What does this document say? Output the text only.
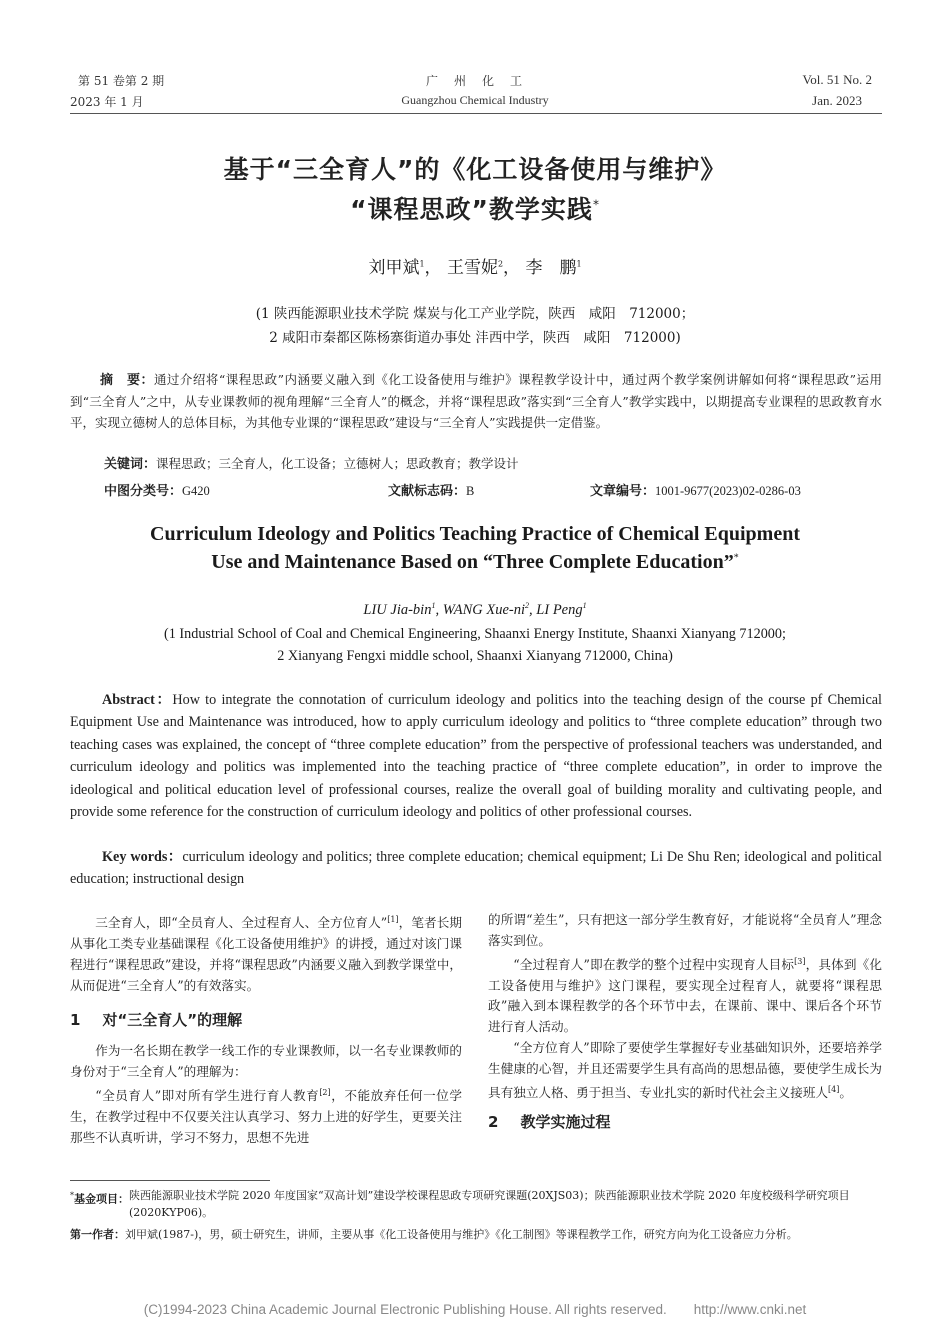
第 51 卷第 2 期
2023 年 1 月
广　州　化　工
Guangzhou Chemical Industry
Vol. 51 No. 2
Jan. 2023
基于“三全育人”的《化工设备使用与维护》
“课程思政”教学实践*
刘甲斌$^1$， 王雪妮$^2$， 李　鹏$^1$
(1 陕西能源职业技术学院 煤炭与化工产业学院，陕西　咸阳　712000；
2 咸阳市秦都区陈杨寨街道办事处 沣西中学，陕西　咸阳　712000)
摘　要：通过介绍将“课程思政”内涵要义融入到《化工设备使用与维护》课程教学设计中，通过两个教学案例讲解如何将“课程思政”运用到“三全育人”之中，从专业课教师的视角理解“三全育人”的概念，并将“课程思政”落实到“三全育人”教学实践中，以期提高专业课程的思政教育水平，实现立德树人的总体目标，为其他专业课的“课程思政”建设与“三全育人”实践提供一定借鉴。
关键词：课程思政；三全育人，化工设备；立德树人；思政教育；教学设计
中图分类号：G420	文献标志码：B	文章编号：1001-9677(2023)02-0286-03
Curriculum Ideology and Politics Teaching Practice of Chemical Equipment
Use and Maintenance Based on “Three Complete Education”*
LIU Jia-bin$^1$, WANG Xue-$ni^2$, LI Peng$^1$
(1 Industrial School of Coal and Chemical Engineering, Shaanxi Energy Institute, Shaanxi Xianyang 712000;
2 Xianyang Fengxi middle school, Shaanxi Xianyang 712000, China)
Abstract：How to integrate the connotation of curriculum ideology and politics into the teaching design of the course pf Chemical Equipment Use and Maintenance was introduced, how to apply curriculum ideology and politics to “three complete education” through two teaching cases was explained, the concept of “three complete education” from the perspective of professional teachers was understanded, and curriculum ideology and politics was implemented into the teaching practice of “three complete education”, in order to improve the ideological and political education level of professional courses, realize the overall goal of building morality and cultivating people, and provide some reference for the construction of curriculum ideology and politics of other professional courses.
Key words：curriculum ideology and politics; three complete education; chemical equipment; Li De Shu Ren; ideological and political education; instructional design

三全育人，即“全员育人、全过程育人、全方位育人”[1]，笔者长期从事化工类专业基础课程《化工设备使用维护》的讲授，通过对该门课程进行“课程思政”建设，并将“课程思政”内涵要义融入到教学课堂中，从而促进“三全育人”的有效落实。

1 对“三全育人”的理解

作为一名长期在教学一线工作的专业课教师，以一名专业课教师的身份对于“三全育人”的理解为：

“全员育人”即对所有学生进行育人教育[2]，不能放弃任何一位学生，在教学过程中不仅要关注认真学习、努力上进的好学生，更要关注那些不认真听讲，学习不努力，思想不先进

的所谓“差生”，只有把这一部分学生教育好，才能说将“全员育人”理念落实到位。

“全过程育人”即在教学的整个过程中实现育人目标[3]，具体到《化工设备使用与维护》这门课程，要实现全过程育人，就要将“课程思政”融入到本课程教学的各个环节中去，在课前、课中、课后各个环节进行育人活动。

“全方位育人”即除了要使学生掌握好专业基础知识外，还要培养学生健康的心智，并且还需要学生具有高尚的思想品德，要使学生成长为具有独立人格、勇于担当、专业扎实的新时代社会主义接班人[4]。

2 教学实施过程
*基金项目： 陕西能源职业技术学院 2020 年度国家“双高计划”建设学校课程思政专项研究课题(20XJS03)；陕西能源职业技术学院 2020 年度校级科学研究项目(2020KYP06)。
第一作者：刘甲斌(1987-)，男，硕士研究生，讲师，主要从事《化工设备使用与维护》《化工制图》等课程教学工作，研究方向为化工设备应力分析。
(C)1994-2023 China Academic Journal Electronic Publishing House. All rights reserved.　　http://www.cnki.net
